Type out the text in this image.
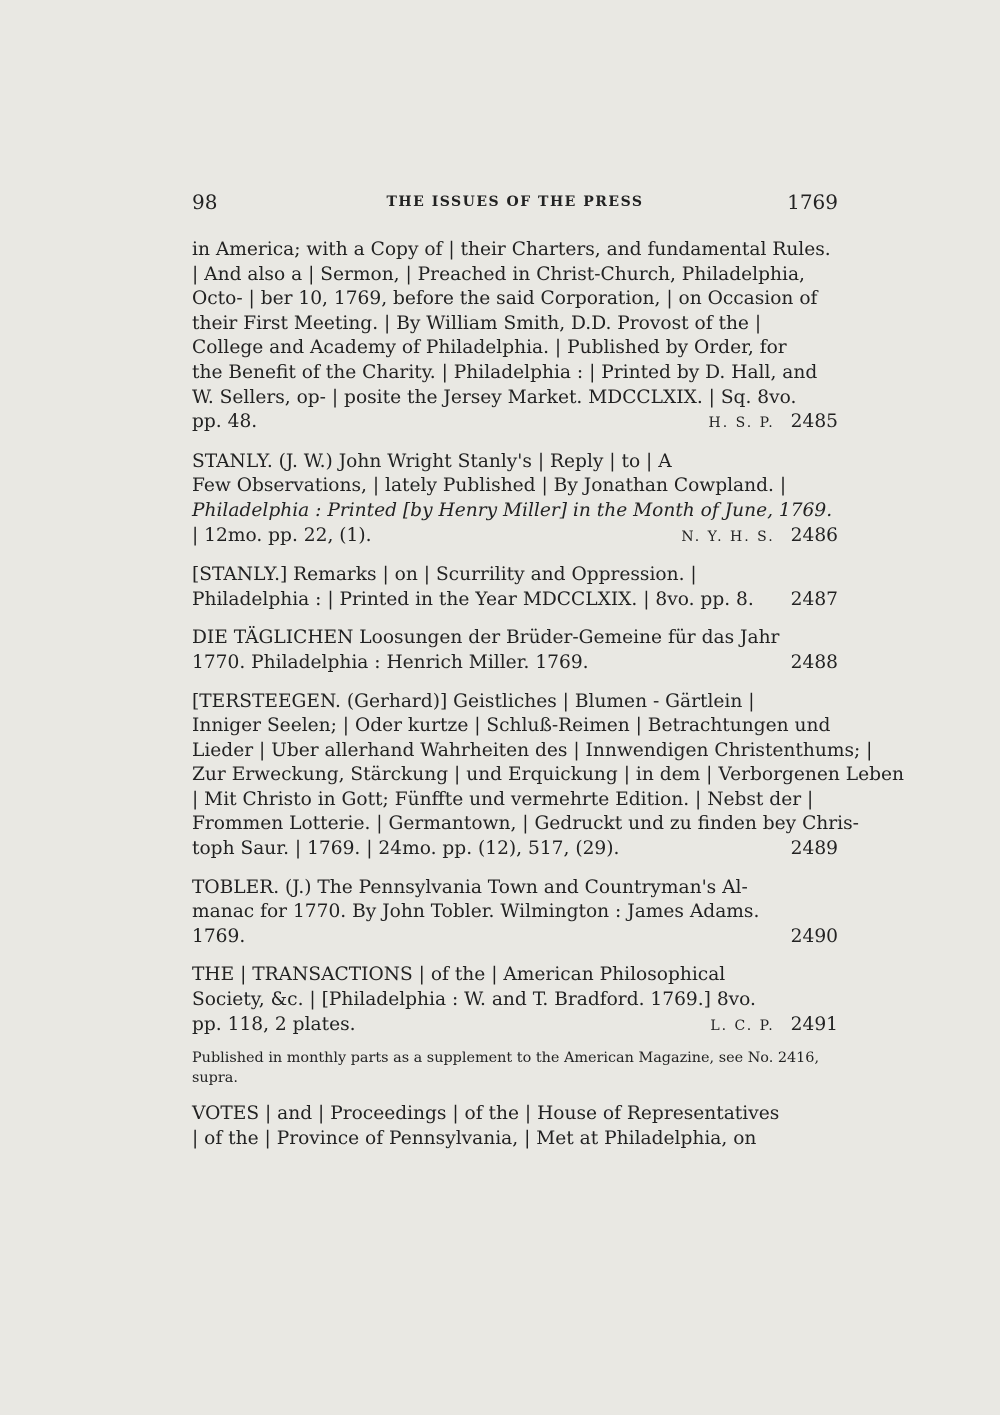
98	THE ISSUES OF THE PRESS	1769
in America; with a Copy of | their Charters, and fundamental Rules.
| And also a | Sermon, | Preached in Christ-Church, Philadelphia,
Octo- | ber 10, 1769, before the said Corporation, | on Occasion of
their First Meeting. | By William Smith, D.D. Provost of the |
College and Academy of Philadelphia. | Published by Order, for
the Benefit of the Charity. | Philadelphia : | Printed by D. Hall, and
W. Sellers, op- | posite the Jersey Market. MDCCLXIX. | Sq. 8vo.
pp. 48.	H. S. P. 2485
STANLY. (J. W.) John Wright Stanly's | Reply | to | A
Few Observations, | lately Published | By Jonathan Cowpland. |
Philadelphia : Printed [by Henry Miller] in the Month of June, 1769.
| 12mo. pp. 22, (1).	N. Y. H. S. 2486
[STANLY.] Remarks | on | Scurrility and Oppression. |
Philadelphia : | Printed in the Year MDCCLXIX. | 8vo. pp. 8. 2487
DIE TÄGLICHEN Loosungen der Brüder-Gemeine für das Jahr
1770. Philadelphia : Henrich Miller. 1769.	2488
[TERSTEEGEN. (Gerhard)] Geistliches | Blumen - Gärtlein |
Inniger Seelen; | Oder kurtze | Schluß-Reimen | Betrachtungen und
Lieder | Uber allerhand Wahrheiten des | Innwendigen Christenthums; |
Zur Erweckung, Stärckung | und Erquickung | in dem | Verborgenen Leben
| Mit Christo in Gott; Fünffte und vermehrte Edition. | Nebst der |
Frommen Lotterie. | Germantown, | Gedruckt und zu finden bey Chris-
toph Saur. | 1769. | 24mo. pp. (12), 517, (29).	2489
TOBLER. (J.) The Pennsylvania Town and Countryman's Al-
manac for 1770. By John Tobler. Wilmington : James Adams.
1769.	2490
THE | TRANSACTIONS | of the | American Philosophical
Society, &c. | [Philadelphia : W. and T. Bradford. 1769.] 8vo.
pp. 118, 2 plates.	L. C. P. 2491

Published in monthly parts as a supplement to the American Magazine, see No. 2416, supra.

VOTES | and | Proceedings | of the | House of Representatives
| of the | Province of Pennsylvania, | Met at Philadelphia, on
